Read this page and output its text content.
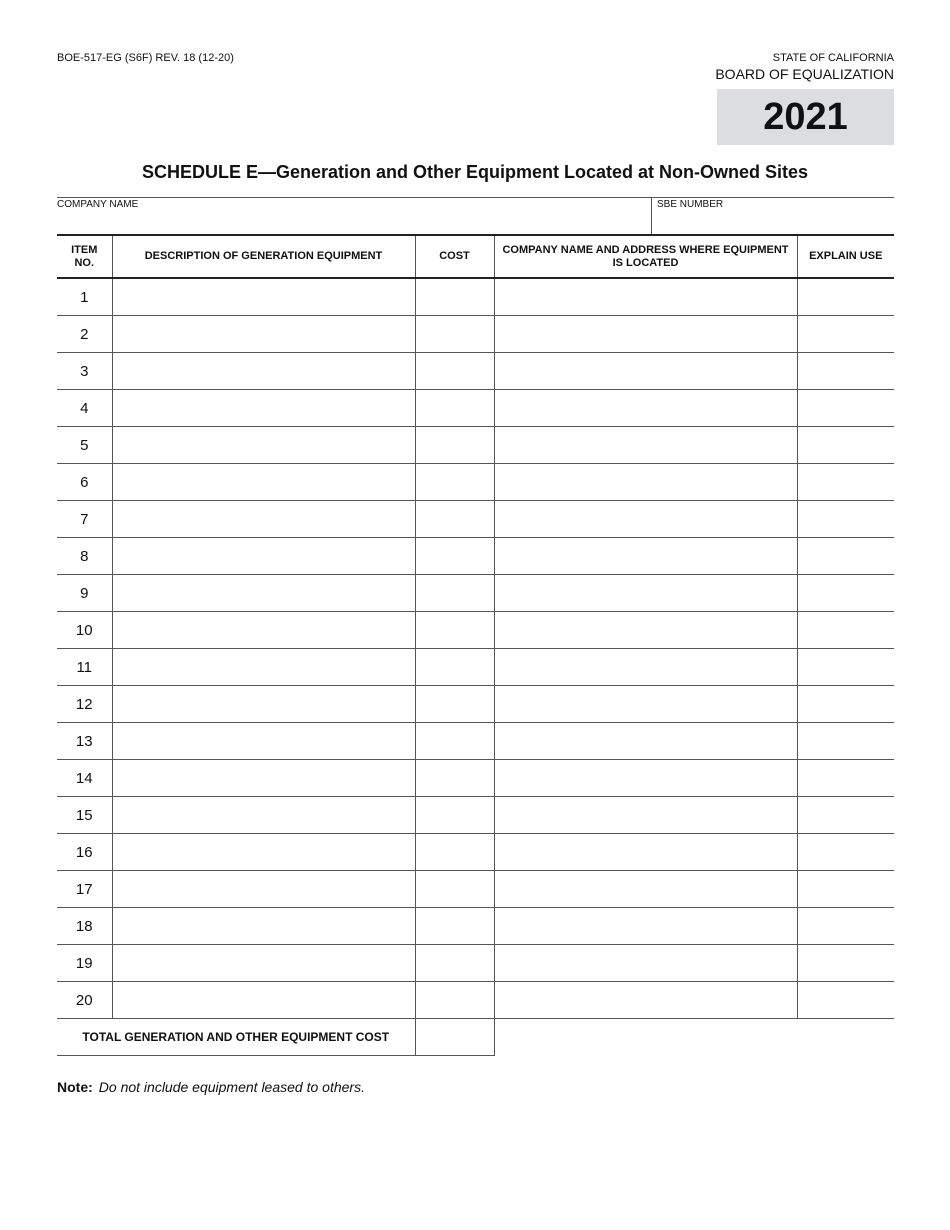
BOE-517-EG (S6F) REV. 18 (12-20)	STATE OF CALIFORNIA
BOARD OF EQUALIZATION
2021
SCHEDULE E—Generation and Other Equipment Located at Non-Owned Sites
COMPANY NAME	SBE NUMBER
ITEM NO.	DESCRIPTION OF GENERATION EQUIPMENT	COST	COMPANY NAME AND ADDRESS WHERE EQUIPMENT IS LOCATED	EXPLAIN USE
1				
2				
3				
4				
5				
6				
7				
8				
9				
10				
11				
12				
13				
14				
15				
16				
17				
18				
19				
20				
TOTAL GENERATION AND OTHER EQUIPMENT COST				
Note: Do not include equipment leased to others.
